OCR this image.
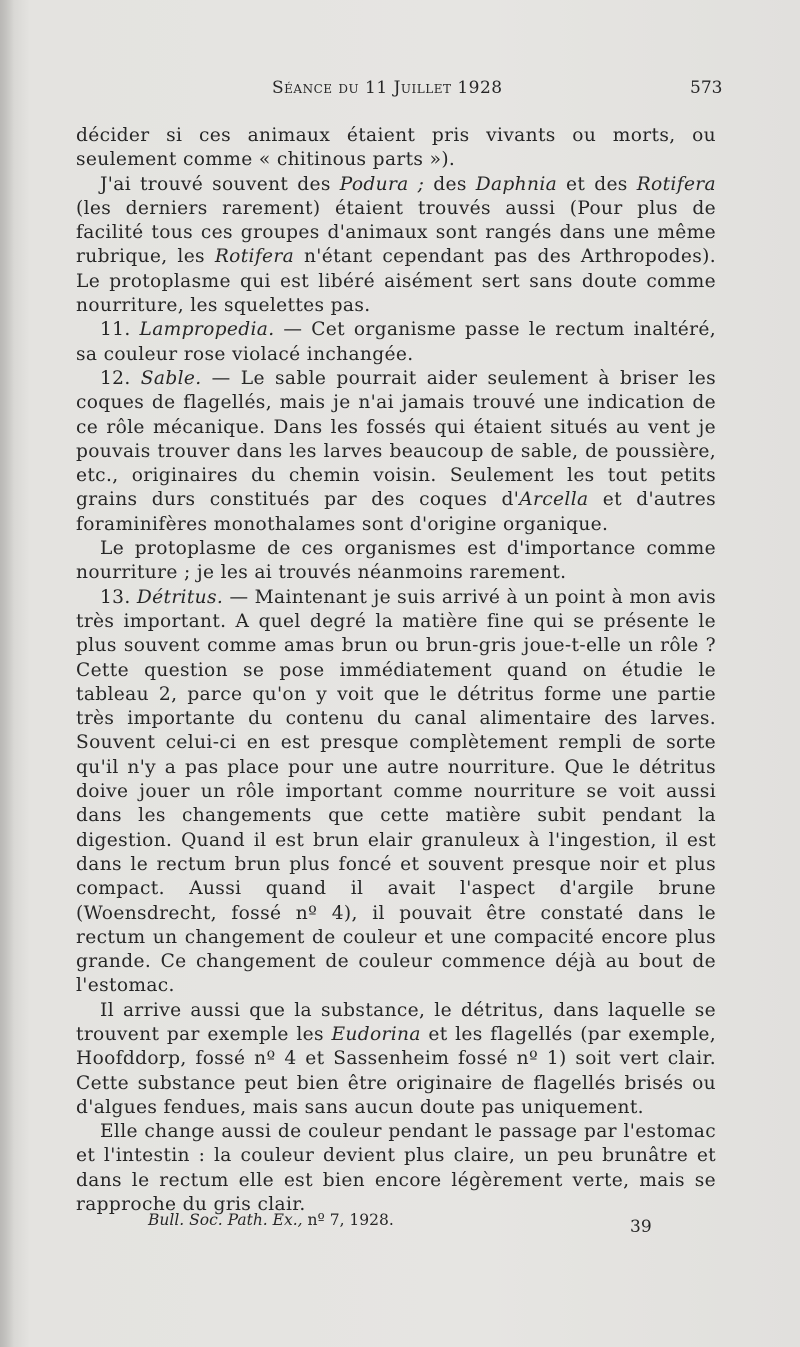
Séance du 11 Juillet 1928	573

décider si ces animaux étaient pris vivants ou morts, ou seulement comme « chitinous parts »).

J'ai trouvé souvent des Podura ; des Daphnia et des Rotifera (les derniers rarement) étaient trouvés aussi (Pour plus de facilité tous ces groupes d'animaux sont rangés dans une même rubrique, les Rotifera n'étant cependant pas des Arthropodes). Le protoplasme qui est libéré aisément sert sans doute comme nourriture, les squelettes pas.

11. Lampropedia. — Cet organisme passe le rectum inaltéré, sa couleur rose violacé inchangée.

12. Sable. — Le sable pourrait aider seulement à briser les coques de flagellés, mais je n'ai jamais trouvé une indication de ce rôle mécanique. Dans les fossés qui étaient situés au vent je pouvais trouver dans les larves beaucoup de sable, de poussière, etc., originaires du chemin voisin. Seulement les tout petits grains durs constitués par des coques d'Arcella et d'autres foraminifères monothalames sont d'origine organique.

Le protoplasme de ces organismes est d'importance comme nourriture ; je les ai trouvés néanmoins rarement.

13. Détritus. — Maintenant je suis arrivé à un point à mon avis très important. A quel degré la matière fine qui se présente le plus souvent comme amas brun ou brun-gris joue-t-elle un rôle ? Cette question se pose immédiatement quand on étudie le tableau 2, parce qu'on y voit que le détritus forme une partie très importante du contenu du canal alimentaire des larves. Souvent celui-ci en est presque complètement rempli de sorte qu'il n'y a pas place pour une autre nourriture. Que le détritus doive jouer un rôle important comme nourriture se voit aussi dans les changements que cette matière subit pendant la digestion. Quand il est brun elair granuleux à l'ingestion, il est dans le rectum brun plus foncé et souvent presque noir et plus compact. Aussi quand il avait l'aspect d'argile brune (Woensdrecht, fossé nº 4), il pouvait être constaté dans le rectum un changement de couleur et une compacité encore plus grande. Ce changement de couleur commence déjà au bout de l'estomac.

Il arrive aussi que la substance, le détritus, dans laquelle se trouvent par exemple les Eudorina et les flagellés (par exemple, Hoofddorp, fossé nº 4 et Sassenheim fossé nº 1) soit vert clair. Cette substance peut bien être originaire de flagellés brisés ou d'algues fendues, mais sans aucun doute pas uniquement.

Elle change aussi de couleur pendant le passage par l'estomac et l'intestin : la couleur devient plus claire, un peu brunâtre et dans le rectum elle est bien encore légèrement verte, mais se rapproche du gris clair.

Bull. Soc. Path. Ex., nº 7, 1928.	39
